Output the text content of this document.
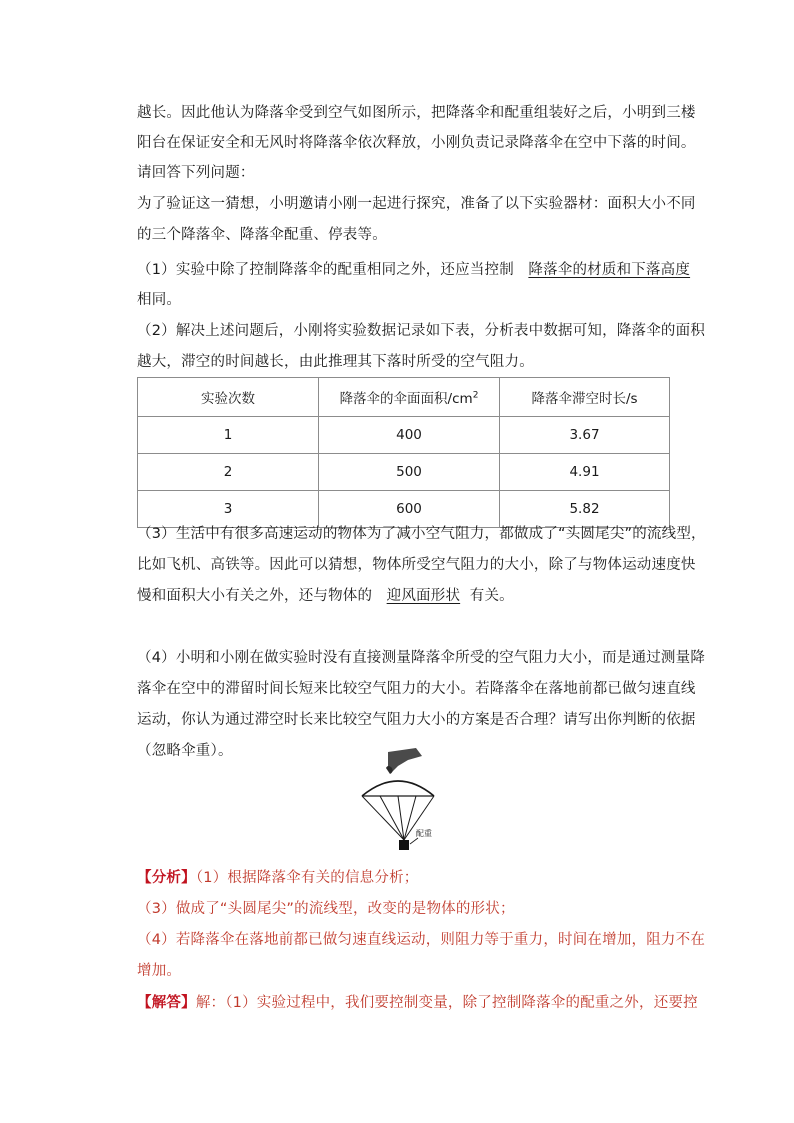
越长。因此他认为降落伞受到空气如图所示，把降落伞和配重组装好之后，小明到三楼
阳台在保证安全和无风时将降落伞依次释放，小刚负责记录降落伞在空中下落的时间。
请回答下列问题：
为了验证这一猜想，小明邀请小刚一起进行探究，准备了以下实验器材：面积大小不同
的三个降落伞、降落伞配重、停表等。
（1）实验中除了控制降落伞的配重相同之外，还应当控制 降落伞的材质和下落高度
相同。
（2）解决上述问题后，小刚将实验数据记录如下表，分析表中数据可知，降落伞的面积
越大，滞空的时间越长，由此推理其下落时所受的空气阻力。
实验次数	降落伞的伞面面积$/cm^2$	降落伞滞空时长/s
1	400	3.67
2	500	4.91
3	600	5.82
（3）生活中有很多高速运动的物体为了减小空气阻力，都做成了“头圆尾尖”的流线型，
比如飞机、高铁等。因此可以猜想，物体所受空气阻力的大小，除了与物体运动速度快
慢和面积大小有关之外，还与物体的 迎风面形状 有关。
（4）小明和小刚在做实验时没有直接测量降落伞所受的空气阻力大小，而是通过测量降
落伞在空中的滞留时间长短来比较空气阻力的大小。若降落伞在落地前都已做匀速直线
运动，你认为通过滞空时长来比较空气阻力大小的方案是否合理？请写出你判断的依据
（忽略伞重）。
配重
【分析】（1）根据降落伞有关的信息分析；
（3）做成了“头圆尾尖”的流线型，改变的是物体的形状；
（4）若降落伞在落地前都已做匀速直线运动，则阻力等于重力，时间在增加，阻力不在
增加。
【解答】解：（1）实验过程中，我们要控制变量，除了控制降落伞的配重之外，还要控
